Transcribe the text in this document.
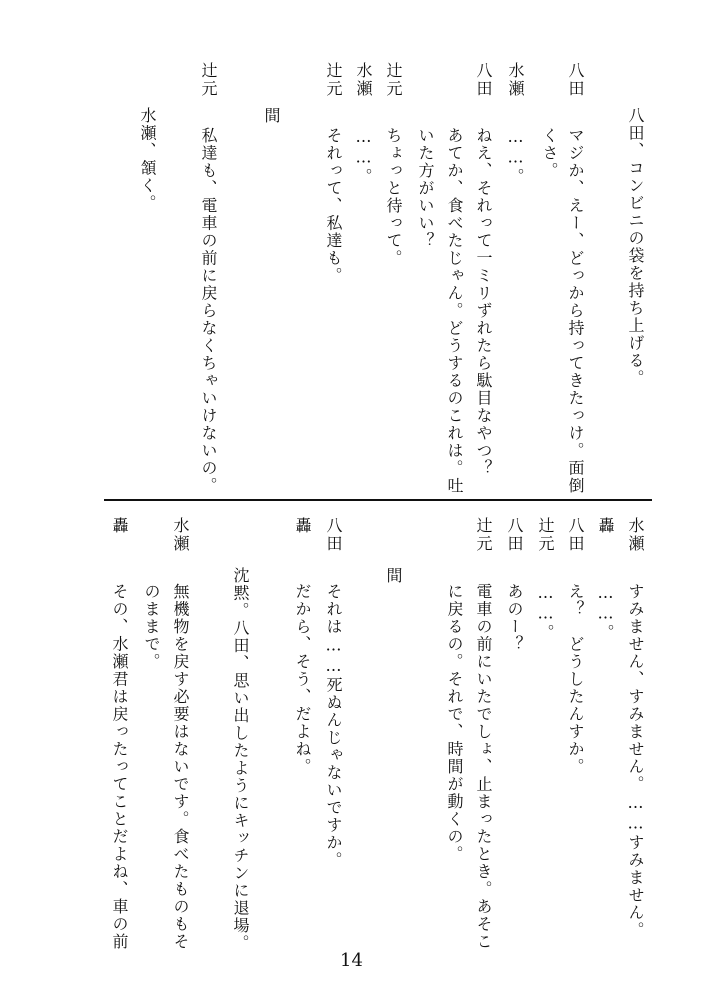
八田、コンビニの袋を持ち上げる。
八田
マジか、えー、どっから持ってきたっけ。面倒
くさ。
水瀬
……。
八田
ねえ、それって一ミリずれたら駄目なやつ？
あてか、食べたじゃん。どうするのこれは。吐
いた方がいい？
辻元
ちょっと待って。
水瀬
……。
辻元
それって、私達も。
間
辻元
私達も、電車の前に戻らなくちゃいけないの。
水瀬、頷く。
水瀬
すみません、すみません。……すみません。
轟
……。
八田
え？　どうしたんすか。
辻元
……。
八田
あのー？
辻元
電車の前にいたでしょ、止まったとき。あそこ
に戻るの。それで、時間が動くの。
間
八田
それは……死ぬんじゃないですか。
轟
だから、そう、だよね。
沈黙。八田、思い出したようにキッチンに退場。
水瀬
無機物を戻す必要はないです。食べたものもそ
のままで。
轟
その、水瀬君は戻ったってことだよね、車の前
14
